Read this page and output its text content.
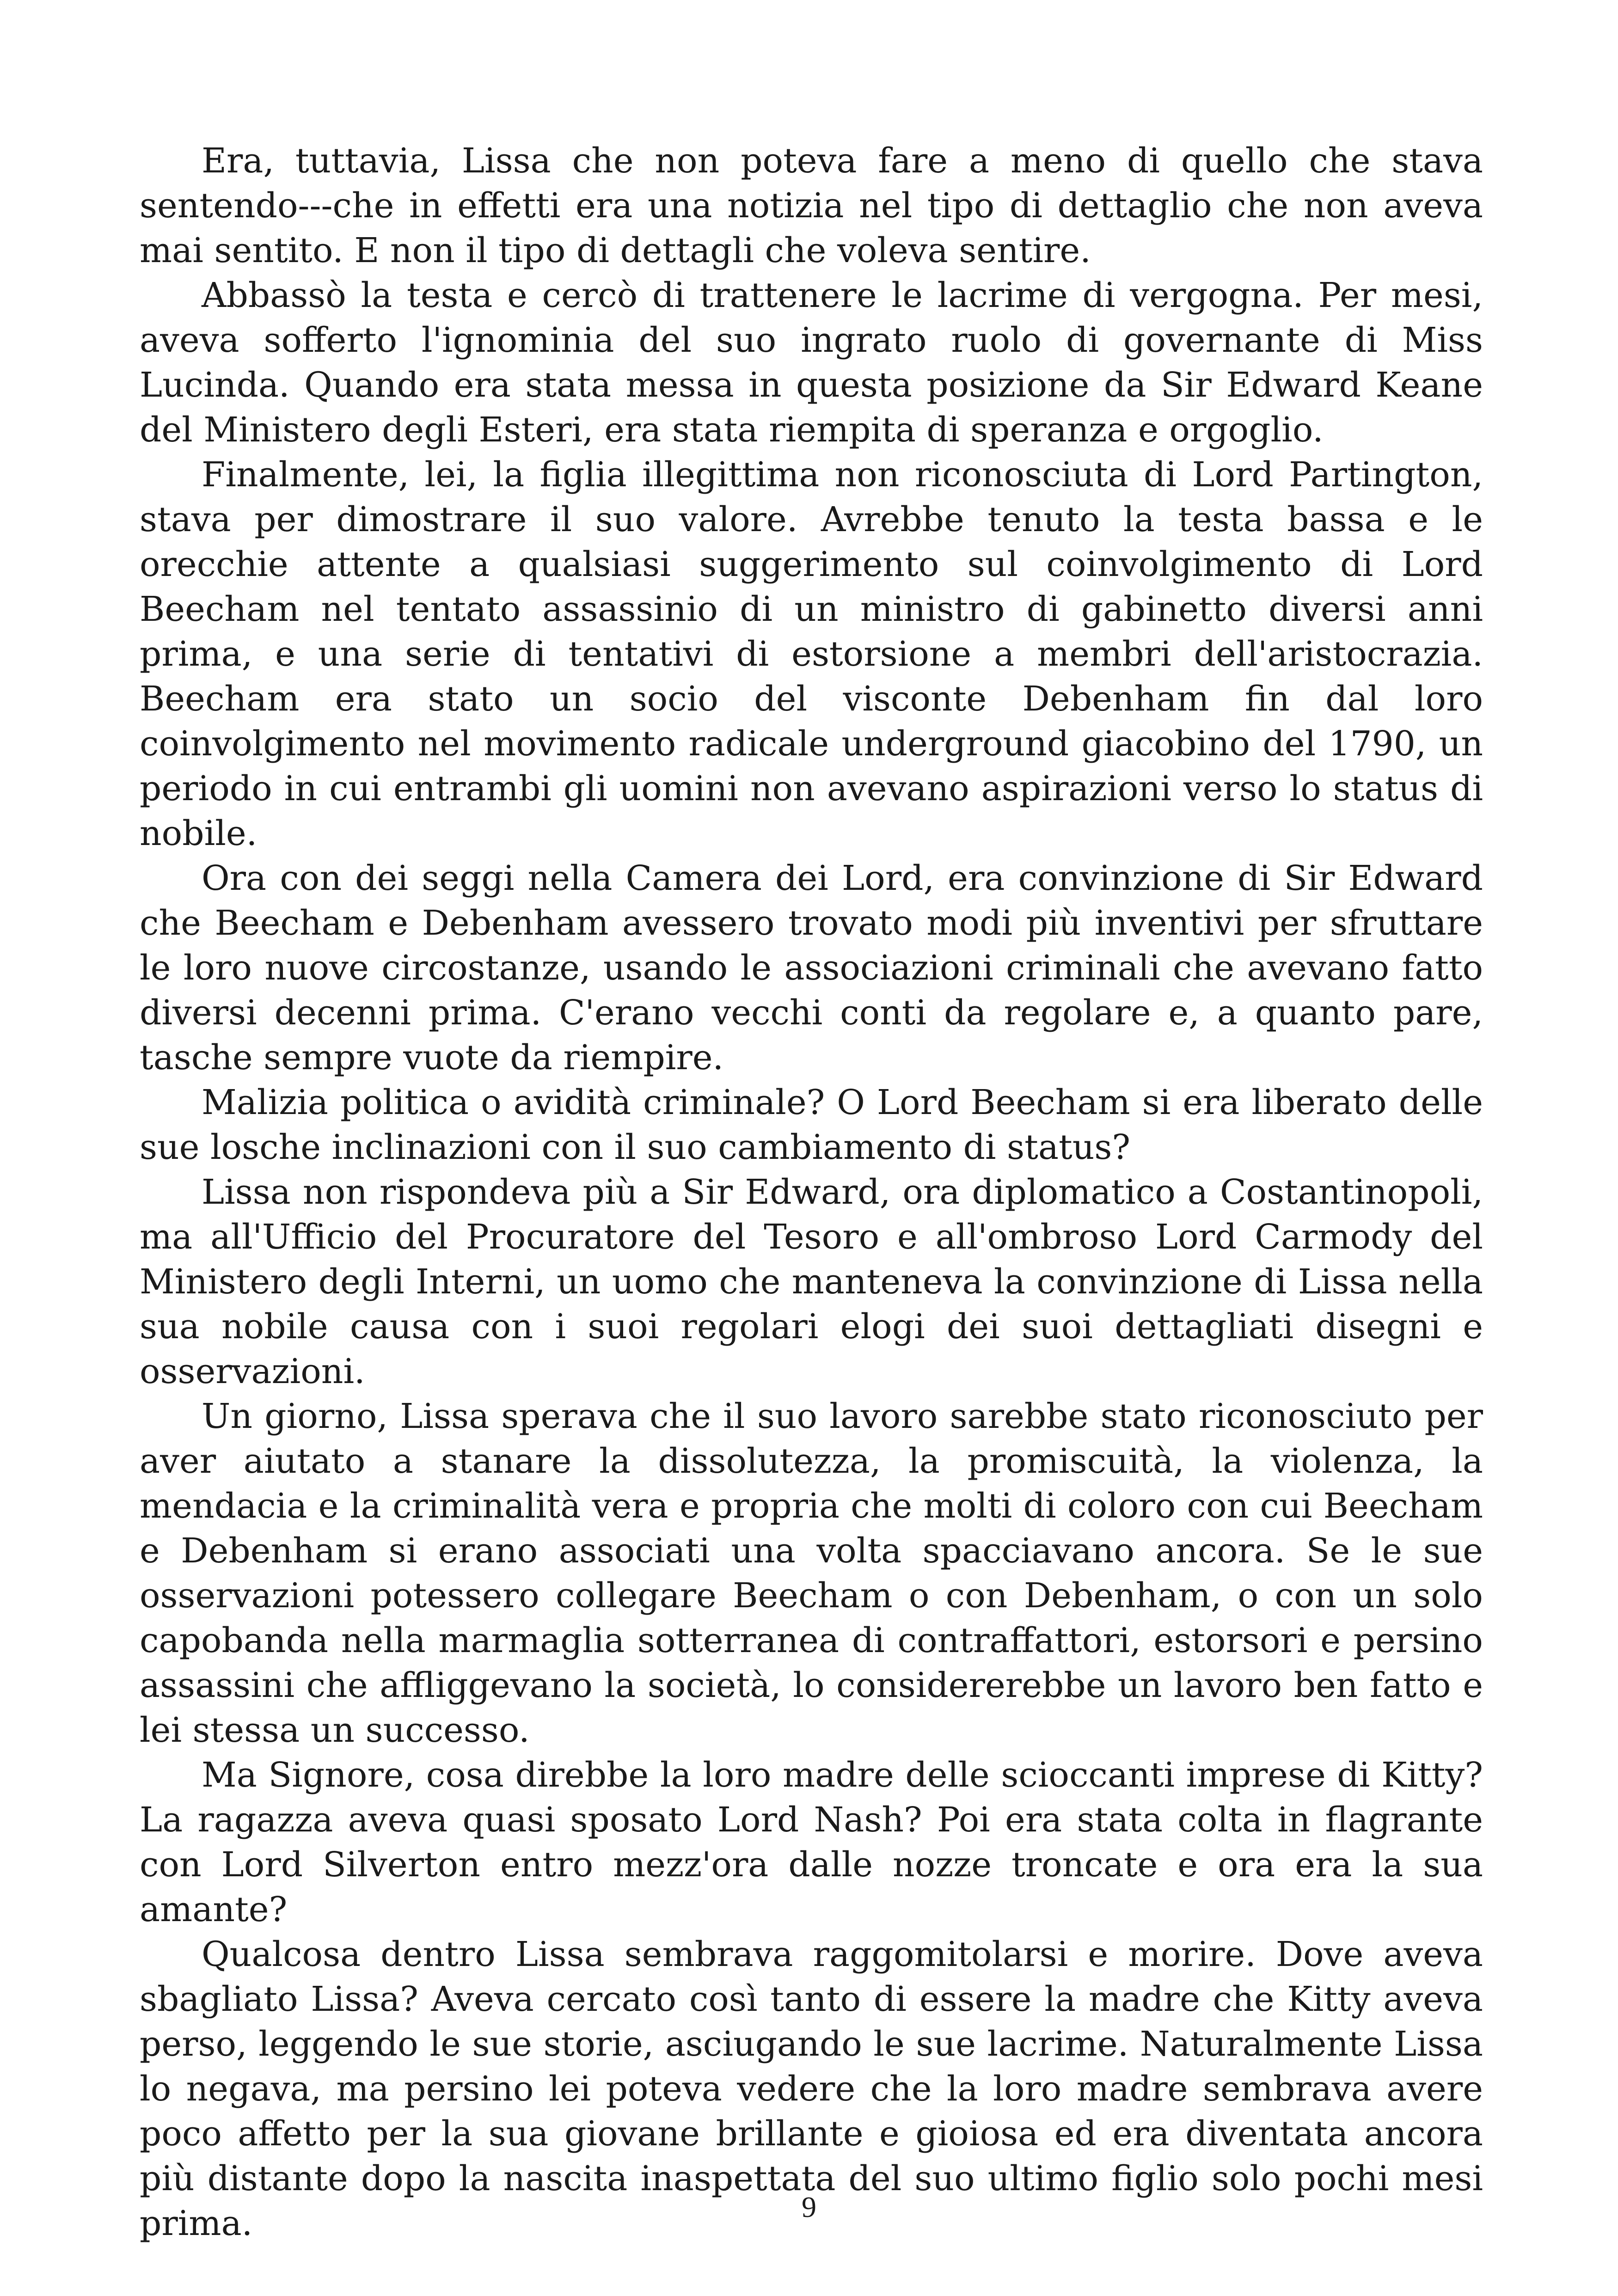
Era, tuttavia, Lissa che non poteva fare a meno di quello che stava sentendo---che in effetti era una notizia nel tipo di dettaglio che non aveva mai sentito. E non il tipo di dettagli che voleva sentire.

Abbassò la testa e cercò di trattenere le lacrime di vergogna. Per mesi, aveva sofferto l'ignominia del suo ingrato ruolo di governante di Miss Lucinda. Quando era stata messa in questa posizione da Sir Edward Keane del Ministero degli Esteri, era stata riempita di speranza e orgoglio.

Finalmente, lei, la figlia illegittima non riconosciuta di Lord Partington, stava per dimostrare il suo valore. Avrebbe tenuto la testa bassa e le orecchie attente a qualsiasi suggerimento sul coinvolgimento di Lord Beecham nel tentato assassinio di un ministro di gabinetto diversi anni prima, e una serie di tentativi di estorsione a membri dell'aristocrazia. Beecham era stato un socio del visconte Debenham fin dal loro coinvolgimento nel movimento radicale underground giacobino del 1790, un periodo in cui entrambi gli uomini non avevano aspirazioni verso lo status di nobile.

Ora con dei seggi nella Camera dei Lord, era convinzione di Sir Edward che Beecham e Debenham avessero trovato modi più inventivi per sfruttare le loro nuove circostanze, usando le associazioni criminali che avevano fatto diversi decenni prima. C'erano vecchi conti da regolare e, a quanto pare, tasche sempre vuote da riempire.

Malizia politica o avidità criminale? O Lord Beecham si era liberato delle sue losche inclinazioni con il suo cambiamento di status?

Lissa non rispondeva più a Sir Edward, ora diplomatico a Costantinopoli, ma all'Ufficio del Procuratore del Tesoro e all'ombroso Lord Carmody del Ministero degli Interni, un uomo che manteneva la convinzione di Lissa nella sua nobile causa con i suoi regolari elogi dei suoi dettagliati disegni e osservazioni.

Un giorno, Lissa sperava che il suo lavoro sarebbe stato riconosciuto per aver aiutato a stanare la dissolutezza, la promiscuità, la violenza, la mendacia e la criminalità vera e propria che molti di coloro con cui Beecham e Debenham si erano associati una volta spacciavano ancora. Se le sue osservazioni potessero collegare Beecham o con Debenham, o con un solo capobanda nella marmaglia sotterranea di contraffattori, estorsori e persino assassini che affliggevano la società, lo considererebbe un lavoro ben fatto e lei stessa un successo.

Ma Signore, cosa direbbe la loro madre delle scioccanti imprese di Kitty? La ragazza aveva quasi sposato Lord Nash? Poi era stata colta in flagrante con Lord Silverton entro mezz'ora dalle nozze troncate e ora era la sua amante?

Qualcosa dentro Lissa sembrava raggomitolarsi e morire. Dove aveva sbagliato Lissa? Aveva cercato così tanto di essere la madre che Kitty aveva perso, leggendo le sue storie, asciugando le sue lacrime. Naturalmente Lissa lo negava, ma persino lei poteva vedere che la loro madre sembrava avere poco affetto per la sua giovane brillante e gioiosa ed era diventata ancora più distante dopo la nascita inaspettata del suo ultimo figlio solo pochi mesi prima.	9
